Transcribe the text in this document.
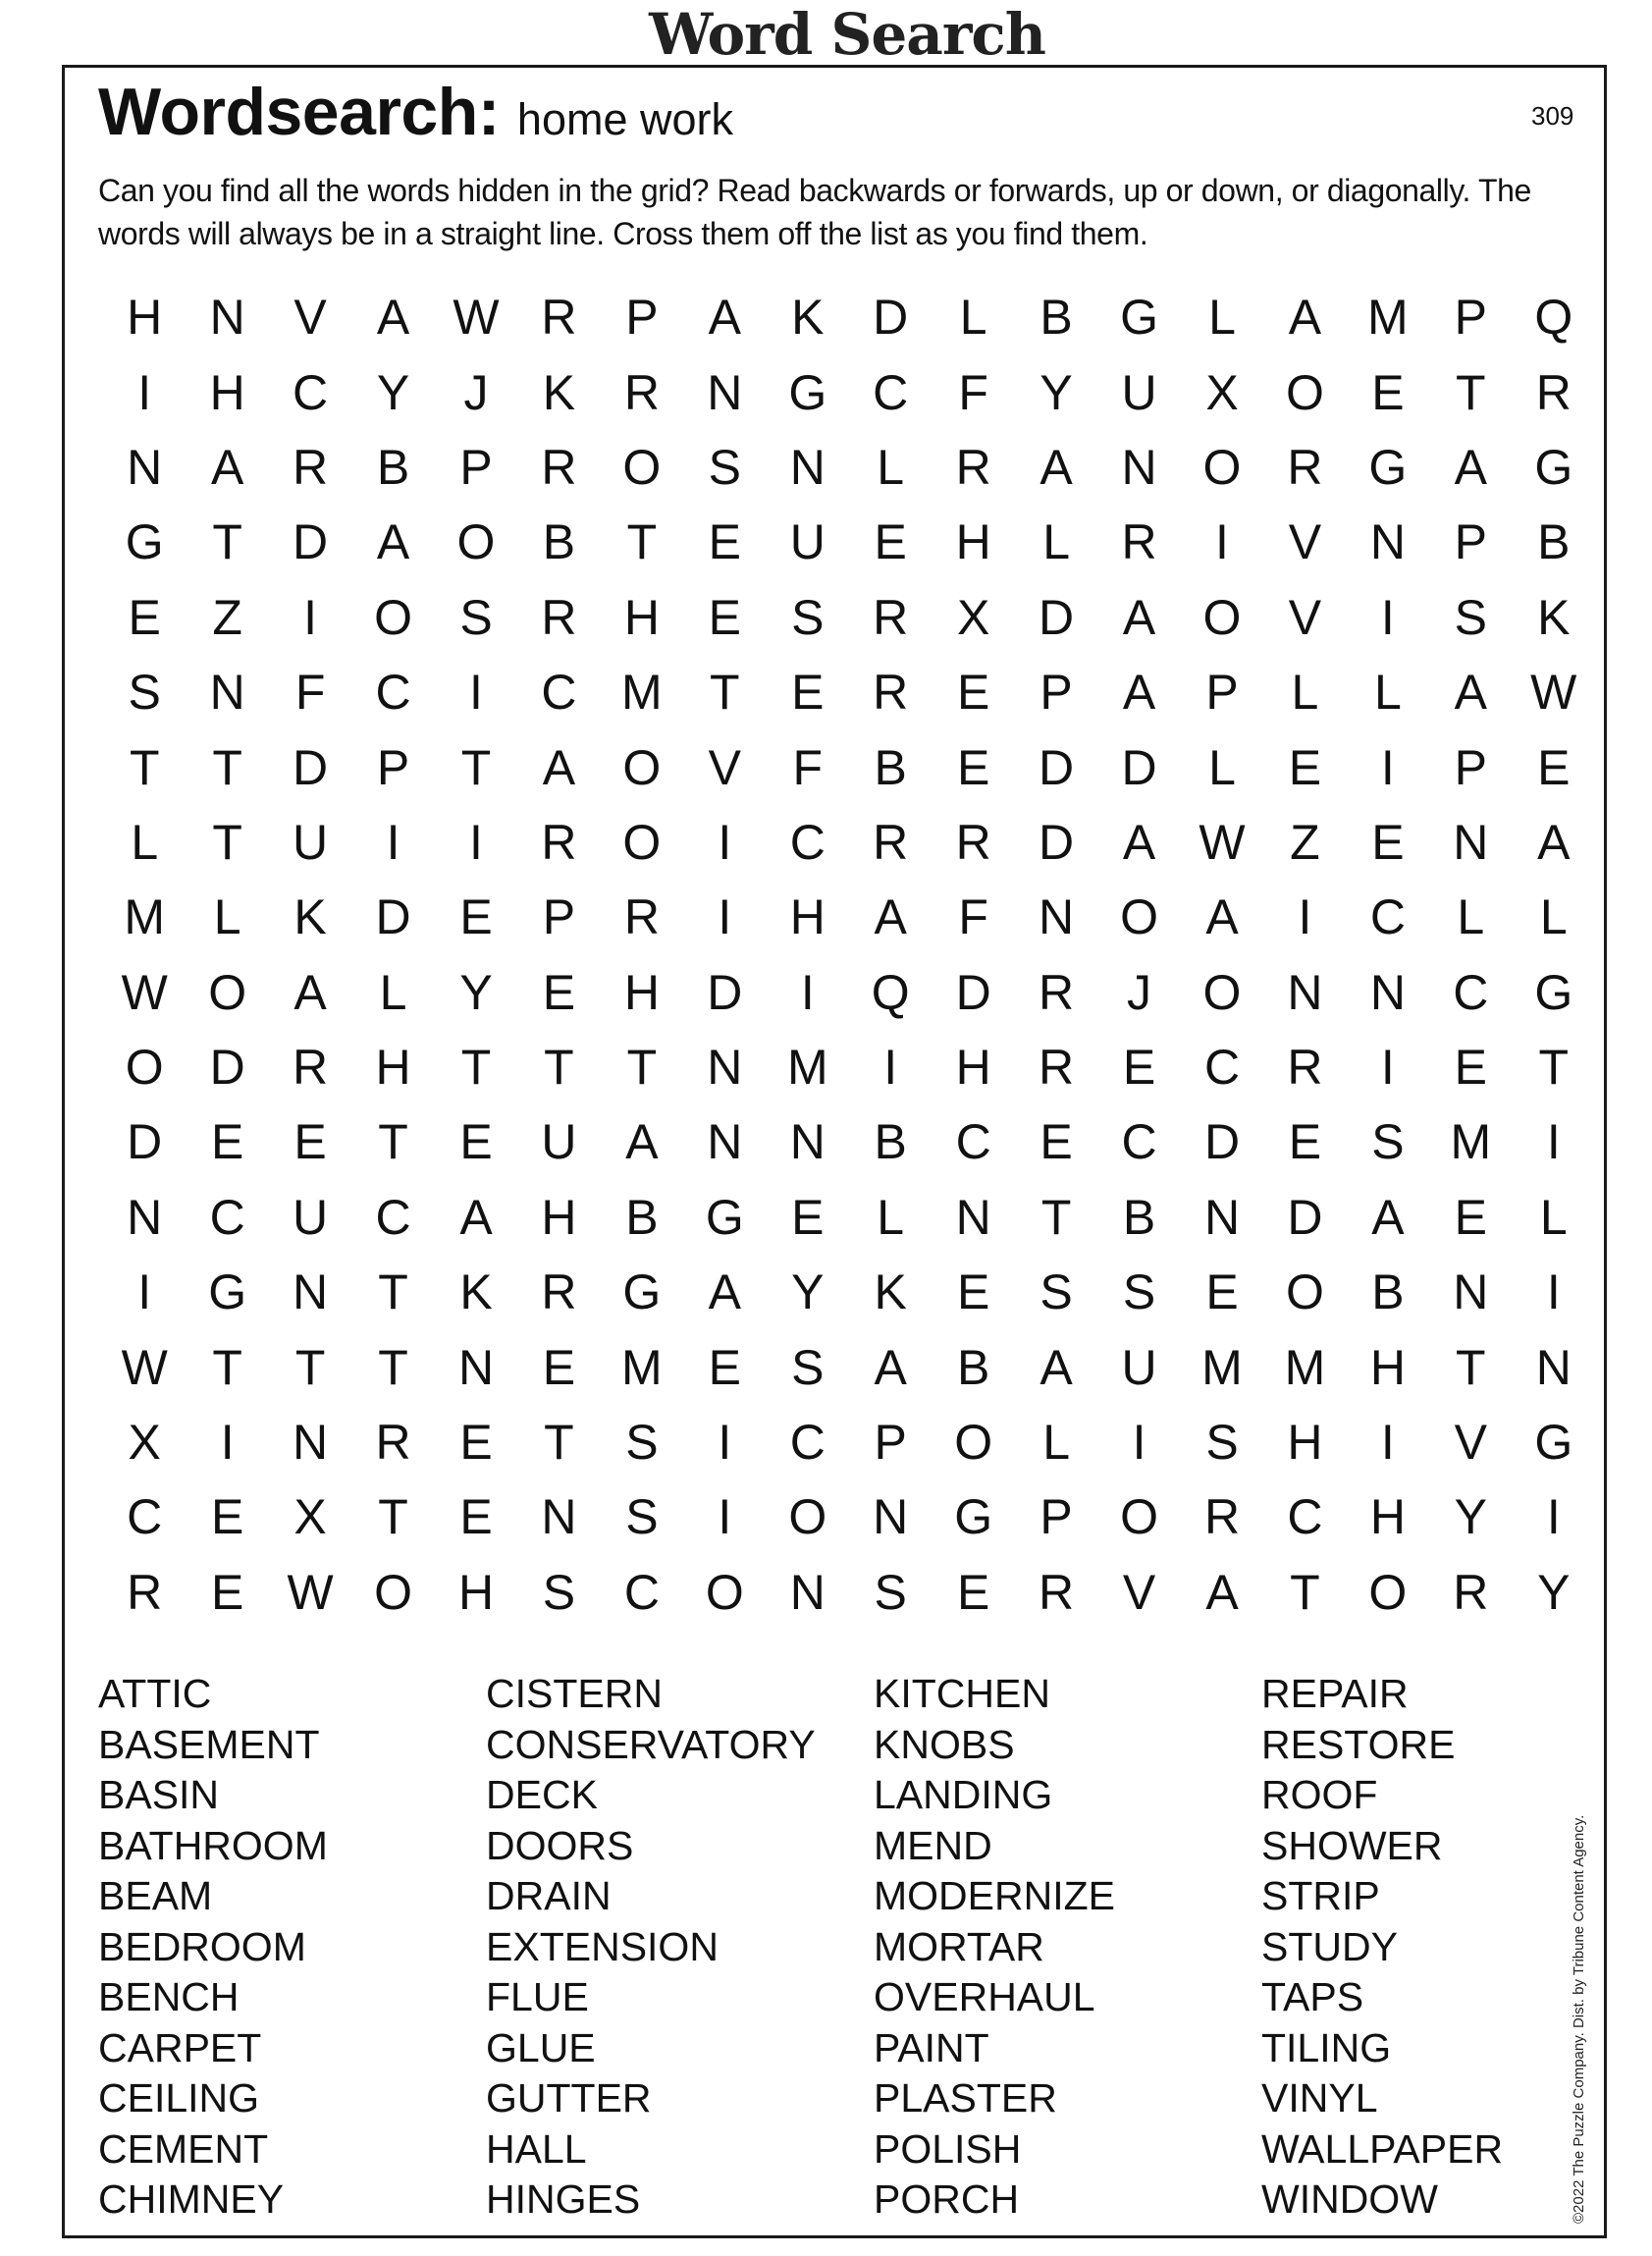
Word Search
Wordsearch: home work	309
Can you find all the words hidden in the grid? Read backwards or forwards, up or down, or diagonally. The words will always be in a straight line. Cross them off the list as you find them.
H N V	A W R P	A	K D	L	B G	L	A M P Q
I	H C Y	J	K R N G C	F	Y U X O E	T	R
N A R B	P R O S N	L	R A N O R G A G
G T	D A O B	T	E U E H	L	R	I	V N P	B
E	Z	I	O S R H E	S R X D A O V	I	S	K
S N	F	C	I	C M T	E R E	P	A	P	L	L	A W
T	T	D P	T	A O V	F	B	E D D	L	E	I	P	E
L	T	U	I	I	R O	I	C R R D A W Z	E N A
M L	K D E	P R	I	H A	F	N O A	I	C	L	L
W O A	L	Y	E H D	I	Q D R	J	O N N C G
O D R H	T	T	T	N M	I	H R E C R	I	E	T
D E	E	T	E U A N N B C E C D E	S M	I
N C U C A H B G E	L	N	T	B N D A	E	L
I	G N	T	K R G A	Y	K	E	S	S	E O B N	I
W T	T	T	N E M E	S	A	B	A U M M H	T	N
X	I	N R E	T	S	I	C P O	L	I	S H	I	V G
C E	X	T	E N S	I	O N G P O R C H Y	I
R E W O H S C O N S	E R V	A	T O R Y
ATTIC
BASEMENT
BASIN
BATHROOM
BEAM
BEDROOM
BENCH
CARPET
CEILING
CEMENT
CHIMNEY
CISTERN
CONSERVATORY
DECK
DOORS
DRAIN
EXTENSION
FLUE
GLUE
GUTTER
HALL
HINGES
KITCHEN
KNOBS
LANDING
MEND
MODERNIZE
MORTAR
OVERHAUL
PAINT
PLASTER
POLISH
PORCH
REPAIR
RESTORE
ROOF
SHOWER
STRIP
STUDY
TAPS
TILING
VINYL
WALLPAPER
WINDOW	©2022 The Puzzle Company. Dist. by Tribune Content Agency.
